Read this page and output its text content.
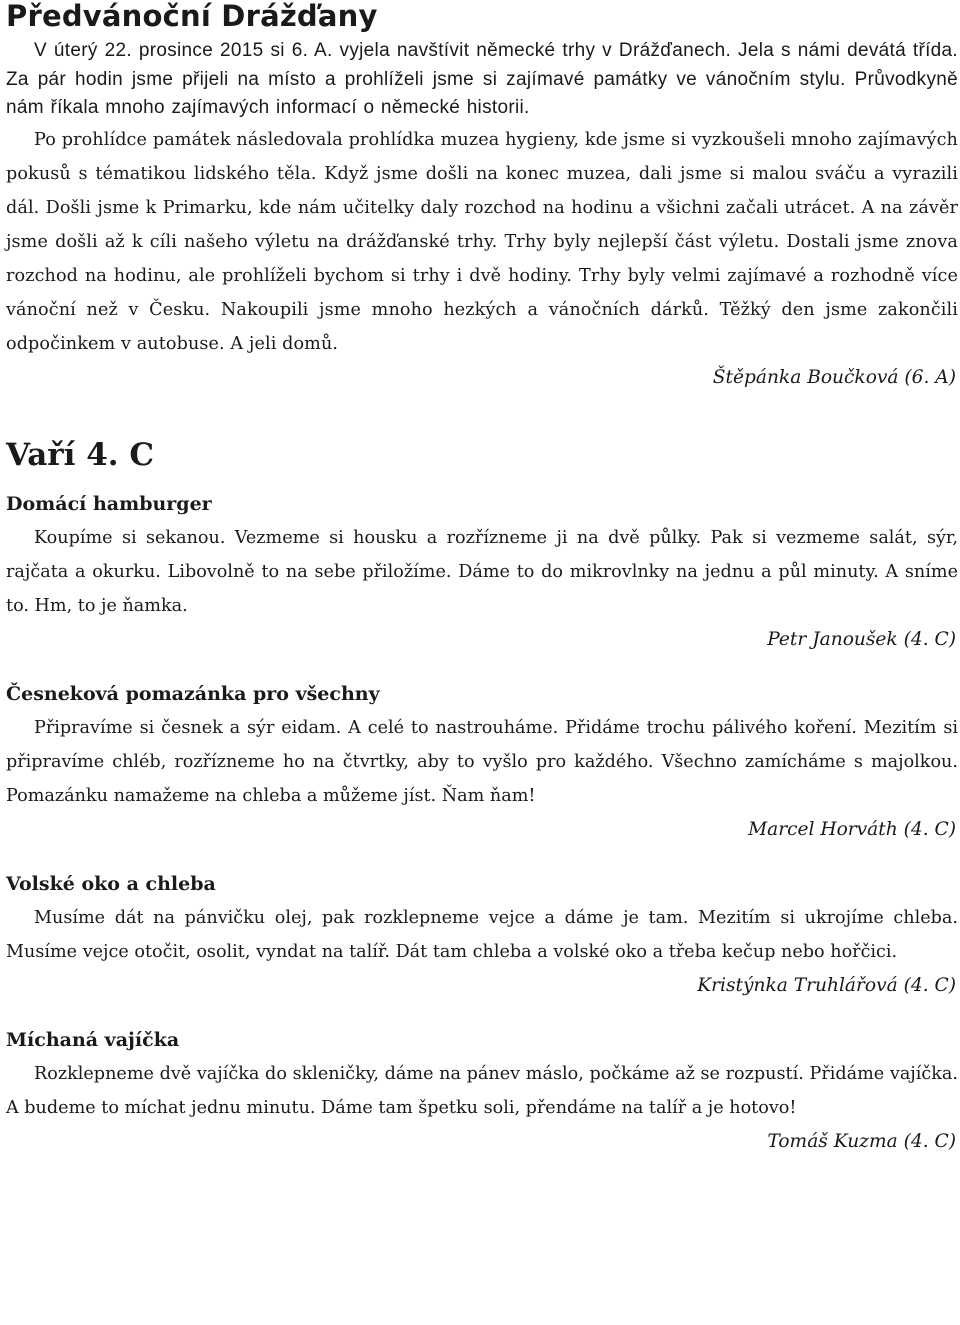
Předvánoční Drážďany

V úterý 22. prosince 2015 si 6. A. vyjela navštívit německé trhy v Drážďanech. Jela s námi devátá třída. Za pár hodin jsme přijeli na místo a prohlíželi jsme si zajímavé památky ve vánočním stylu. Průvodkyně nám říkala mnoho zajímavých informací o německé historii.

Po prohlídce památek následovala prohlídka muzea hygieny, kde jsme si vyzkoušeli mnoho zajímavých pokusů s tématikou lidského těla. Když jsme došli na konec muzea, dali jsme si malou sváču a vyrazili dál. Došli jsme k Primarku, kde nám učitelky daly rozchod na hodinu a všichni začali utrácet. A na závěr jsme došli až k cíli našeho výletu na drážďanské trhy. Trhy byly nejlepší část výletu. Dostali jsme znova rozchod na hodinu, ale prohlíželi bychom si trhy i dvě hodiny. Trhy byly velmi zajímavé a rozhodně více vánoční než v Česku. Nakoupili jsme mnoho hezkých a vánočních dárků. Těžký den jsme zakončili odpočinkem v autobuse. A jeli domů.

Štěpánka Boučková (6. A)
Vaří 4. C
Domácí hamburger

Koupíme si sekanou. Vezmeme si housku a rozřízneme ji na dvě půlky. Pak si vezmeme salát, sýr, rajčata a okurku. Libovolně to na sebe přiložíme. Dáme to do mikrovlnky na jednu a půl minuty. A sníme to. Hm, to je ňamka.

Petr Janoušek (4. C)
Česneková pomazánka pro všechny

Připravíme si česnek a sýr eidam. A celé to nastrouháme. Přidáme trochu pálivého koření. Mezitím si připravíme chléb, rozřízneme ho na čtvrtky, aby to vyšlo pro každého. Všechno zamícháme s majolkou. Pomazánku namažeme na chleba a můžeme jíst. Ňam ňam!

Marcel Horváth (4. C)
Volské oko a chleba

Musíme dát na pánvičku olej, pak rozklepneme vejce a dáme je tam. Mezitím si ukrojíme chleba. Musíme vejce otočit, osolit, vyndat na talíř. Dát tam chleba a volské oko a třeba kečup nebo hořčici.

Kristýnka Truhlářová (4. C)
Míchaná vajíčka

Rozklepneme dvě vajíčka do skleničky, dáme na pánev máslo, počkáme až se rozpustí. Přidáme vajíčka. A budeme to míchat jednu minutu. Dáme tam špetku soli, přendáme na talíř a je hotovo!

Tomáš Kuzma (4. C)
